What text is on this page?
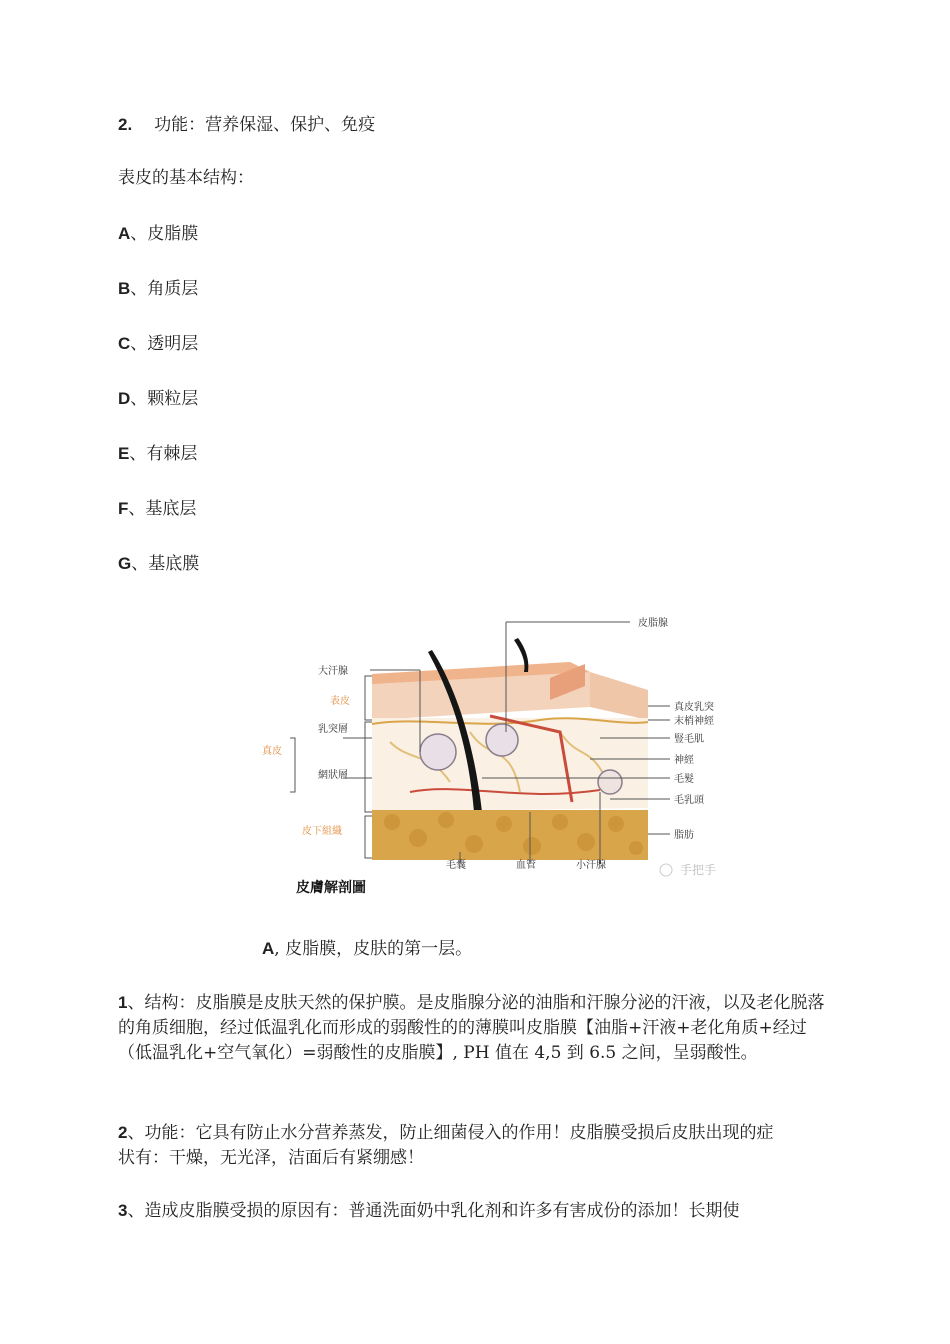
2. 功能：营养保湿、保护、免疫
表皮的基本结构：
A、皮脂膜
B、角质层
C、透明层
D、颗粒层
E、有棘层
F、基底层
G、基底膜
大汗腺
表皮
真皮
乳突層
網狀層
皮下組織
皮脂腺
真皮乳突
末梢神經
豎毛肌
神經
毛髮
毛乳頭
脂肪
毛囊	血管	小汗腺
皮膚解剖圖
手把手
A, 皮脂膜，皮肤的第一层。
1、结构：皮脂膜是皮肤天然的保护膜。是皮脂腺分泌的油脂和汗腺分泌的汗液，以及老化脱落的角质细胞，经过低温乳化而形成的弱酸性的的薄膜叫皮脂膜【油脂+汗液+老化角质+经过（低温乳化+空气氧化）=弱酸性的皮脂膜】, PH 值在 4,5 到 6.5 之间，呈弱酸性。
2、功能：它具有防止水分营养蒸发，防止细菌侵入的作用！皮脂膜受损后皮肤出现的症状有：干燥，无光泽，洁面后有紧绷感！
3、造成皮脂膜受损的原因有：普通洗面奶中乳化剂和许多有害成份的添加！长期使
